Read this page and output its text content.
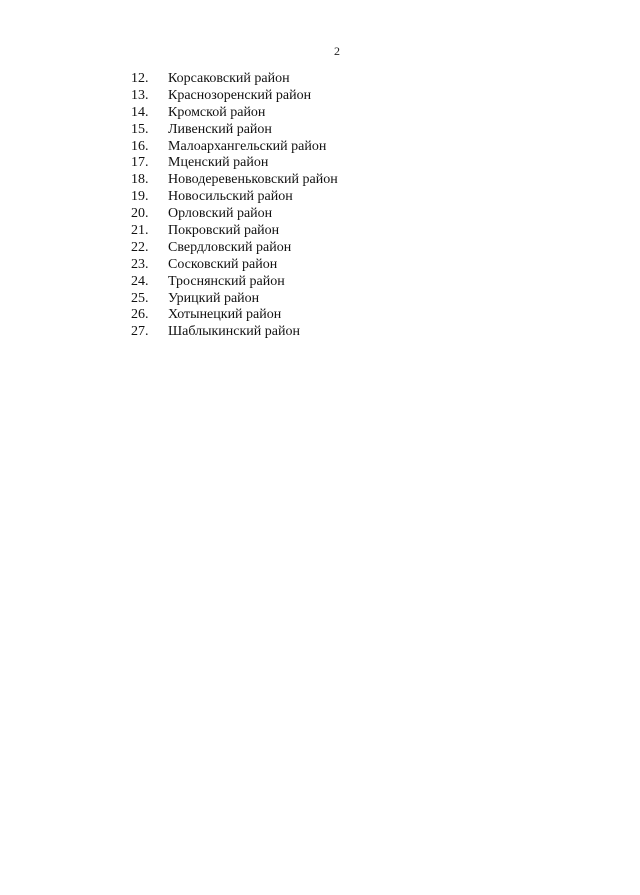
2
12.	Корсаковский район
13.	Краснозоренский район
14.	Кромской район
15.	Ливенский район
16.	Малоархангельский район
17.	Мценский район
18.	Новодеревеньковский район
19.	Новосильский район
20.	Орловский район
21.	Покровский район
22.	Свердловский район
23.	Сосковский район
24.	Троснянский район
25.	Урицкий район
26.	Хотынецкий район
27.	Шаблыкинский район
